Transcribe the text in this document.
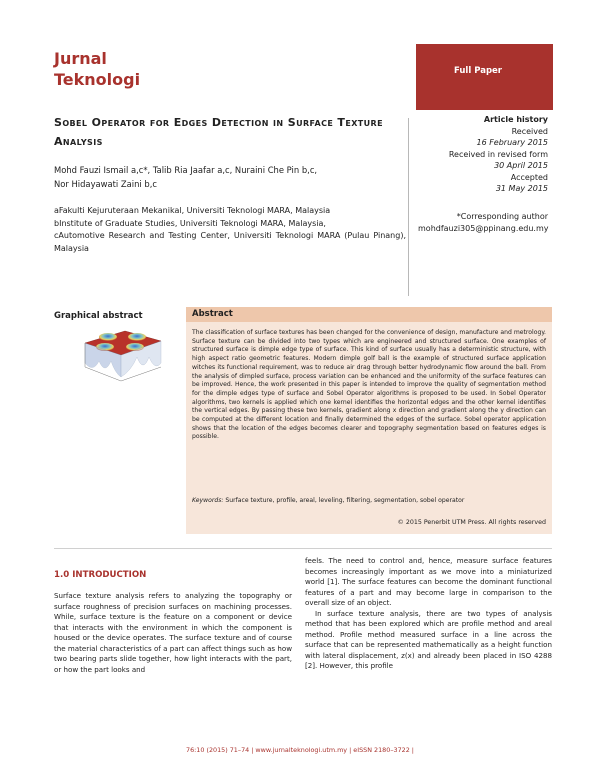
Jurnal
Teknologi	Full Paper
Sobel Operator for Edges Detection in Surface Texture Analysis
Mohd Fauzi Ismail a,c*, Talib Ria Jaafar a,c, Nuraini Che Pin b,c,
Nor Hidayawati Zaini b,c

aFakulti Kejuruteraan Mekanikal, Universiti Teknologi MARA, Malaysia

bInstitute of Graduate Studies, Universiti Teknologi MARA, Malaysia,

cAutomotive Research and Testing Center, Universiti Teknologi MARA (Pulau Pinang), Malaysia

Article history
Received
16 February 2015
Received in revised form
30 April 2015
Accepted
31 May 2015
*Corresponding author
mohdfauzi305@ppinang.edu.my
Graphical abstract	Abstract
The classification of surface textures has been changed for the convenience of design, manufacture and metrology. Surface texture can be divided into two types which are engineered and structured surface. One examples of structured surface is dimple edge type of surface. This kind of surface usually has a deterministic structure, with high aspect ratio geometric features. Modern dimple golf ball is the example of structured surface application witches its functional requirement, was to reduce air drag through better hydrodynamic flow around the ball. From the analysis of dimpled surface, process variation can be enhanced and the uniformity of the surface features can be improved. Hence, the work presented in this paper is intended to improve the quality of segmentation method for the dimple edges type of surface and Sobel Operator algorithms is proposed to be used. In Sobel Operator algorithms, two kernels is applied which one kernel identifies the horizontal edges and the other kernel identifies the vertical edges. By passing these two kernels, gradient along x direction and gradient along the y direction can be computed at the different location and finally determined the edges of the surface. Sobel operator application shows that the location of the edges becomes clearer and topography segmentation based on features edges is possible.
Keywords: Surface texture, profile, areal, leveling, filtering, segmentation, sobel operator
© 2015 Penerbit UTM Press. All rights reserved
1.0 INTRODUCTION
Surface texture analysis refers to analyzing the topography or surface roughness of precision surfaces on machining processes. While, surface texture is the feature on a component or device that interacts with the environment in which the component is housed or the device operates. The surface texture and of course the material characteristics of a part can affect things such as how two bearing parts slide together, how light interacts with the part, or how the part looks and

feels. The need to control and, hence, measure surface features becomes increasingly important as we move into a miniaturized world [1]. The surface features can become the dominant functional features of a part and may become large in comparison to the overall size of an object.

In surface texture analysis, there are two types of analysis method that has been explored which are profile method and areal method. Profile method measured surface in a line across the surface that can be represented mathematically as a height function with lateral displacement, z(x) and already been placed in ISO 4288 [2]. However, this profile

76:10 (2015) 71–74 | www.jurnalteknologi.utm.my | eISSN 2180–3722 |
